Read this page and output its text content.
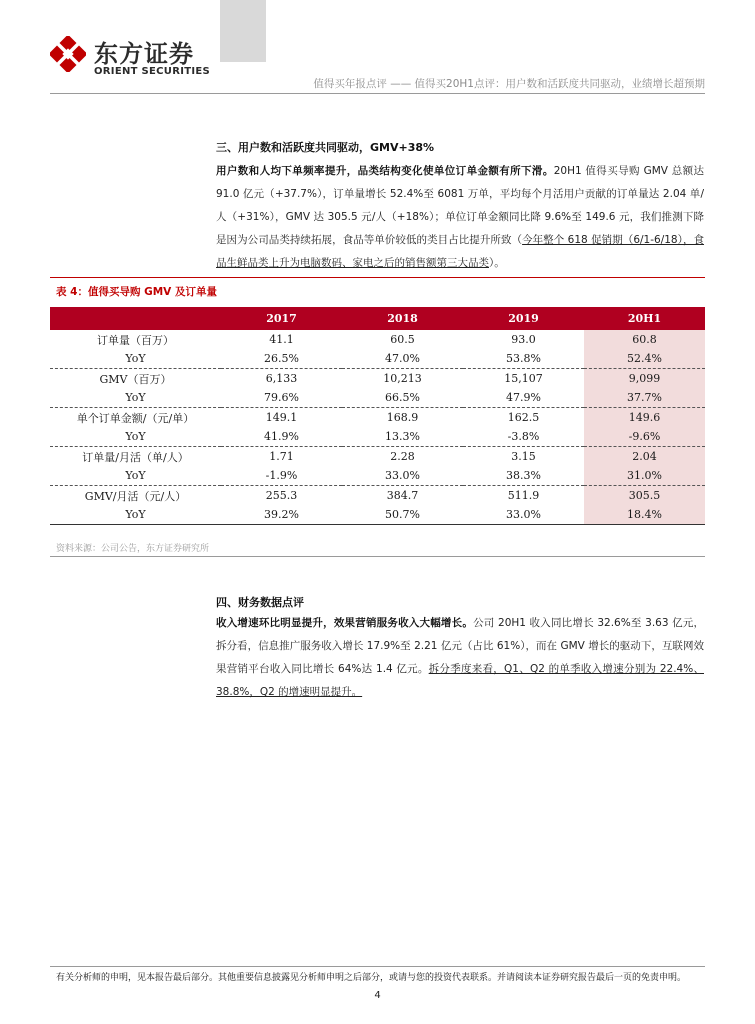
东方证券
ORIENT SECURITIES
值得买年报点评 —— 值得买20H1点评：用户数和活跃度共同驱动，业绩增长超预期
三、用户数和活跃度共同驱动，GMV+38%
用户数和人均下单频率提升，品类结构变化使单位订单金额有所下滑。20H1 值得买导购 GMV 总额达 91.0 亿元（+37.7%），订单量增长 52.4%至 6081 万单，平均每个月活用户贡献的订单量达 2.04 单/人（+31%），GMV 达 305.5 元/人（+18%）；单位订单金额同比降 9.6%至 149.6 元，我们推测下降是因为公司品类持续拓展，食品等单价较低的类目占比提升所致（今年整个 618 促销期（6/1-6/18），食品生鲜品类上升为电脑数码、家电之后的销售额第三大品类）。
表 4：值得买导购 GMV 及订单量
	2017	2018	2019	20H1
订单量（百万）	41.1	60.5	93.0	60.8
YoY	26.5%	47.0%	53.8%	52.4%
GMV（百万）	6,133	10,213	15,107	9,099
YoY	79.6%	66.5%	47.9%	37.7%
单个订单金额/（元/单）	149.1	168.9	162.5	149.6
YoY	41.9%	13.3%	-3.8%	-9.6%
订单量/月活（单/人）	1.71	2.28	3.15	2.04
YoY	-1.9%	33.0%	38.3%	31.0%
GMV/月活（元/人）	255.3	384.7	511.9	305.5
YoY	39.2%	50.7%	33.0%	18.4%
资料来源：公司公告，东方证券研究所
四、财务数据点评
收入增速环比明显提升，效果营销服务收入大幅增长。公司 20H1 收入同比增长 32.6%至 3.63 亿元，拆分看，信息推广服务收入增长 17.9%至 2.21 亿元（占比 61%），而在 GMV 增长的驱动下，互联网效果营销平台收入同比增长 64%达 1.4 亿元。拆分季度来看，Q1、Q2 的单季收入增速分别为 22.4%、38.8%，Q2 的增速明显提升。
有关分析师的申明，见本报告最后部分。其他重要信息披露见分析师申明之后部分，或请与您的投资代表联系。并请阅读本证券研究报告最后一页的免责申明。
4
